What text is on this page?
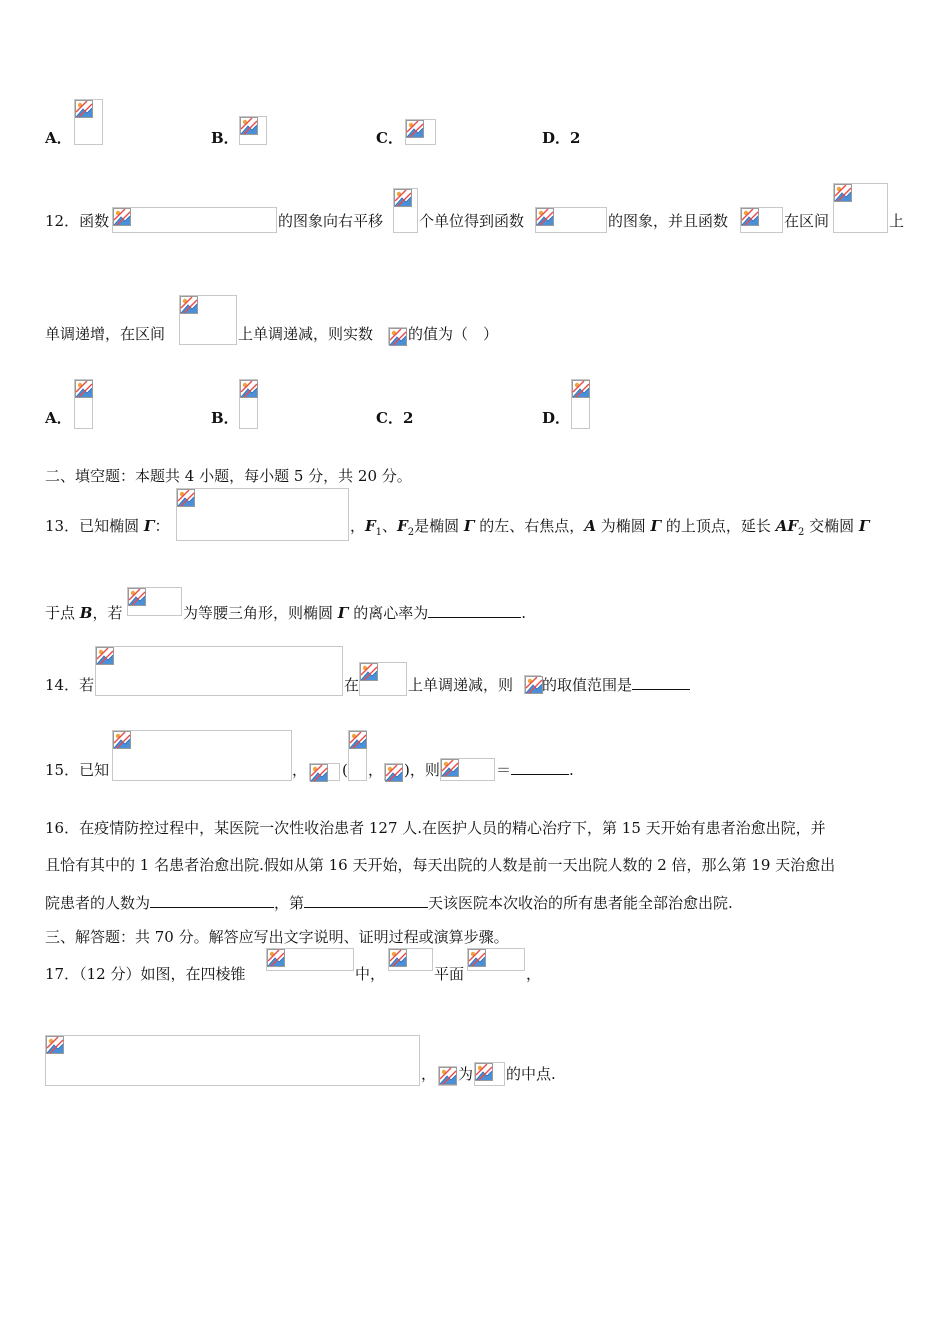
A．	B．	C．	D．2
12．函数	的图象向右平移 个单位得到函数	的图象，并且函数	在区间	上
单调递增，在区间	上单调递减，则实数 的值为（　）
A．	B．	C．2	D．
二、填空题：本题共 4 小题，每小题 5 分，共 20 分。
13．已知椭圆 Γ：	，$F_1$、$F_2$是椭圆 Γ 的左、右焦点，A 为椭圆 Γ 的上顶点，延长 $AF_2$ 交椭圆 Γ
于点 B，若	为等腰三角形，则椭圆 Γ 的离心率为	.
14．若	在	上单调递减，则 的取值范围是
15．已知	， ( ， )，则	＝	.
16．在疫情防控过程中，某医院一次性收治患者 127 人.在医护人员的精心治疗下，第 15 天开始有患者治愈出院，并
且恰有其中的 1 名患者治愈出院.假如从第 16 天开始，每天出院的人数是前一天出院人数的 2 倍，那么第 19 天治愈出
院患者的人数为	，第	天该医院本次收治的所有患者能全部治愈出院.
三、解答题：共 70 分。解答应写出文字说明、证明过程或演算步骤。
17．（12 分）如图，在四棱锥	中，	平面	，
， 为 的中点.
